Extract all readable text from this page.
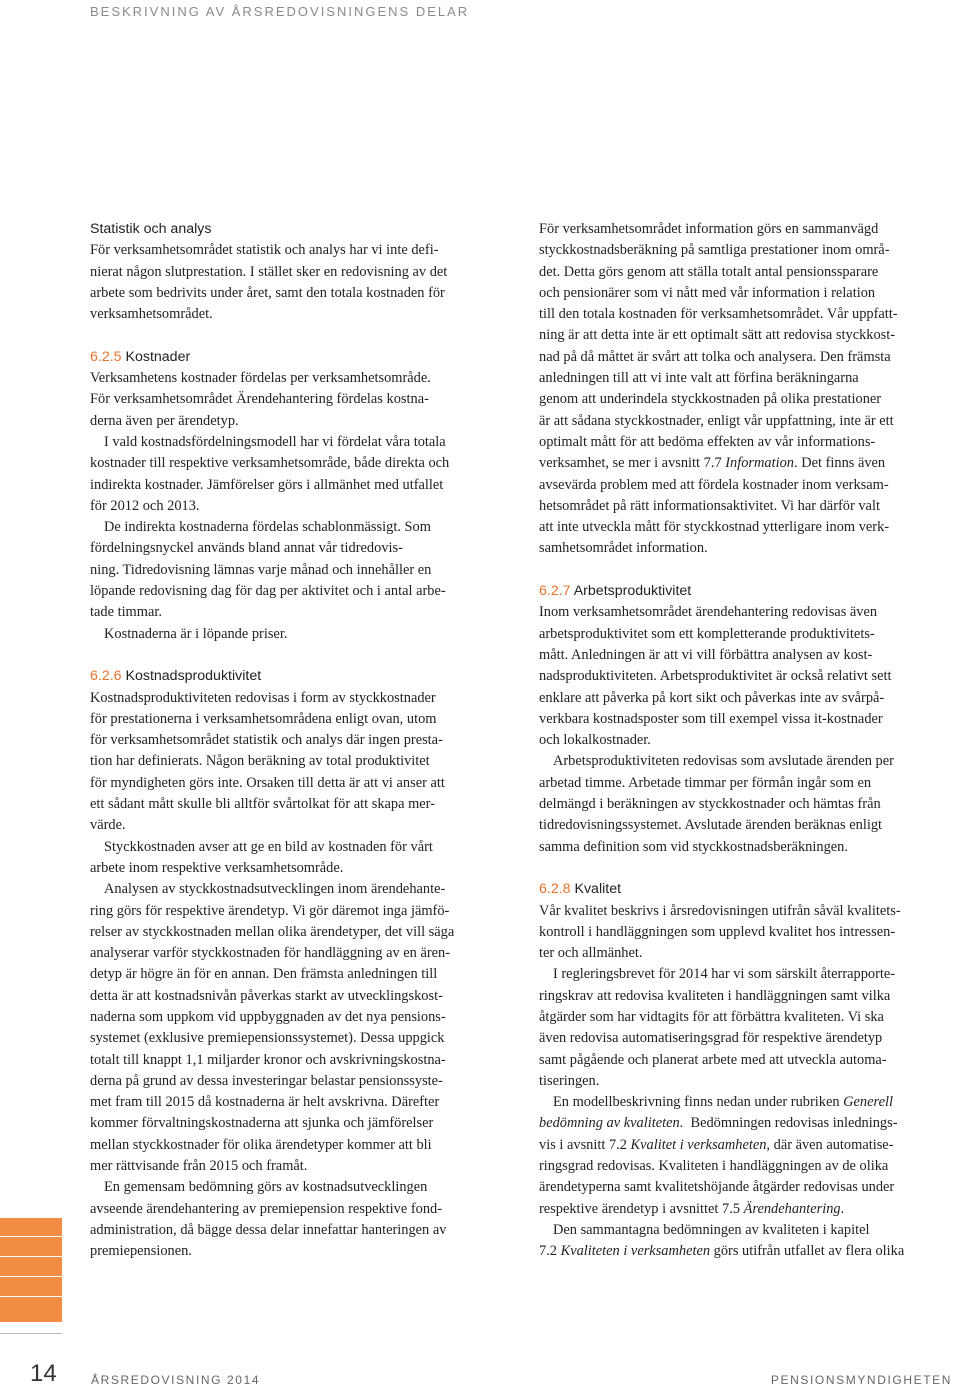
BESKRIVNING AV ÅRSREDOVISNINGENS DELAR
Statistik och analys
För verksamhetsområdet statistik och analys har vi inte defi-
nierat någon slutprestation. I stället sker en redovisning av det
arbete som bedrivits under året, samt den totala kostnaden för
verksamhetsområdet.
6.2.5 Kostnader
Verksamhetens kostnader fördelas per verksamhetsområde.
För verksamhetsområdet Ärendehantering fördelas kostna-
derna även per ärendetyp.
I vald kostnadsfördelningsmodell har vi fördelat våra totala
kostnader till respektive verksamhetsområde, både direkta och
indirekta kostnader. Jämförelser görs i allmänhet med utfallet
för 2012 och 2013.
De indirekta kostnaderna fördelas schablonmässigt. Som
fördelningsnyckel används bland annat vår tidredovis-
ning. Tidredovisning lämnas varje månad och innehåller en
löpande redovisning dag för dag per aktivitet och i antal arbe-
tade timmar.
Kostnaderna är i löpande priser.
6.2.6 Kostnadsproduktivitet
Kostnadsproduktiviteten redovisas i form av styckkostnader
för prestationerna i verksamhetsområdena enligt ovan, utom
för verksamhetsområdet statistik och analys där ingen presta-
tion har definierats. Någon beräkning av total produktivitet
för myndigheten görs inte. Orsaken till detta är att vi anser att
ett sådant mått skulle bli alltför svårtolkat för att skapa mer-
värde.
Styckkostnaden avser att ge en bild av kostnaden för vårt
arbete inom respektive verksamhetsområde.
Analysen av styckkostnadsutvecklingen inom ärendehante-
ring görs för respektive ärendetyp. Vi gör däremot inga jämfö-
relser av styckkostnaden mellan olika ärendetyper, det vill säga
analyserar varför styckkostnaden för handläggning av en ären-
detyp är högre än för en annan. Den främsta anledningen till
detta är att kostnadsnivån påverkas starkt av utvecklingskost-
naderna som uppkom vid uppbyggnaden av det nya pensions-
systemet (exklusive premiepensionssystemet). Dessa uppgick
totalt till knappt 1,1 miljarder kronor och avskrivningskostna-
derna på grund av dessa investeringar belastar pensionssyste-
met fram till 2015 då kostnaderna är helt avskrivna. Därefter
kommer förvaltningskostnaderna att sjunka och jämförelser
mellan styckkostnader för olika ärendetyper kommer att bli
mer rättvisande från 2015 och framåt.
En gemensam bedömning görs av kostnadsutvecklingen
avseende ärendehantering av premiepension respektive fond-
administration, då bägge dessa delar innefattar hanteringen av
premiepensionen.
För verksamhetsområdet information görs en sammanvägd
styckkostnadsberäkning på samtliga prestationer inom områ-
det. Detta görs genom att ställa totalt antal pensionssparare
och pensionärer som vi nått med vår information i relation
till den totala kostnaden för verksamhetsområdet. Vår uppfatt-
ning är att detta inte är ett optimalt sätt att redovisa styckkost-
nad på då måttet är svårt att tolka och analysera. Den främsta
anledningen till att vi inte valt att förfina beräkningarna
genom att underindela styckkostnaden på olika prestationer
är att sådana styckkostnader, enligt vår uppfattning, inte är ett
optimalt mått för att bedöma effekten av vår informations-
verksamhet, se mer i avsnitt 7.7 Information. Det finns även
avsevärda problem med att fördela kostnader inom verksam-
hetsområdet på rätt informationsaktivitet. Vi har därför valt
att inte utveckla mått för styckkostnad ytterligare inom verk-
samhetsområdet information.
6.2.7 Arbetsproduktivitet
Inom verksamhetsområdet ärendehantering redovisas även
arbetsproduktivitet som ett kompletterande produktivitets-
mått. Anledningen är att vi vill förbättra analysen av kost-
nadsproduktiviteten. Arbetsproduktivitet är också relativt sett
enklare att påverka på kort sikt och påverkas inte av svårpå-
verkbara kostnadsposter som till exempel vissa it-kostnader
och lokalkostnader.
Arbetsproduktiviteten redovisas som avslutade ärenden per
arbetad timme. Arbetade timmar per förmån ingår som en
delmängd i beräkningen av styckkostnader och hämtas från
tidredovisningssystemet. Avslutade ärenden beräknas enligt
samma definition som vid styckkostnadsberäkningen.
6.2.8 Kvalitet
Vår kvalitet beskrivs i årsredovisningen utifrån såväl kvalitets-
kontroll i handläggningen som upplevd kvalitet hos intressen-
ter och allmänhet.
I regleringsbrevet för 2014 har vi som särskilt återrapporte-
ringskrav att redovisa kvaliteten i handläggningen samt vilka
åtgärder som har vidtagits för att förbättra kvaliteten. Vi ska
även redovisa automatiseringsgrad för respektive ärendetyp
samt pågående och planerat arbete med att utveckla automa-
tiseringen.
En modellbeskrivning finns nedan under rubriken Generell
bedömning av kvaliteten.  Bedömningen redovisas inlednings-
vis i avsnitt 7.2 Kvalitet i verksamheten, där även automatise-
ringsgrad redovisas. Kvaliteten i handläggningen av de olika
ärendetyperna samt kvalitetshöjande åtgärder redovisas under
respektive ärendetyp i avsnittet 7.5 Ärendehantering.
Den sammantagna bedömningen av kvaliteten i kapitel
7.2 Kvaliteten i verksamheten görs utifrån utfallet av flera olika
14	ÅRSREDOVISNING 2014	PENSIONSMYNDIGHETEN
